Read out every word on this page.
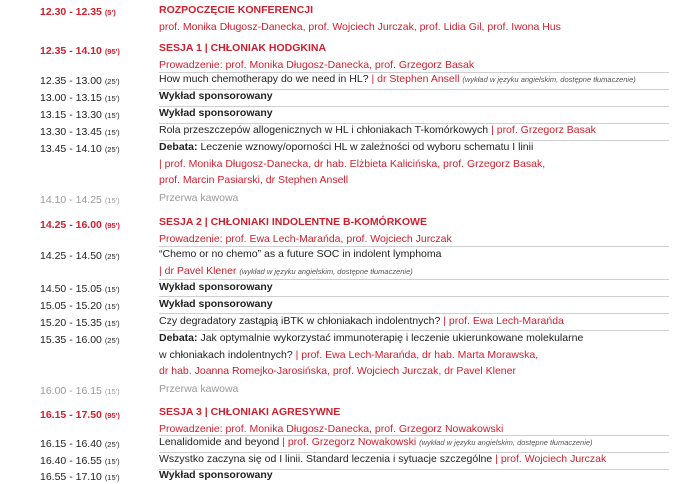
12.30 - 12.35 (5')	ROZPOCZĘCIE KONFERENCJI
prof. Monika Długosz-Danecka, prof. Wojciech Jurczak, prof. Lidia Gil, prof. Iwona Hus
12.35 - 14.10 (95')	SESJA 1 | CHŁONIAK HODGKINA
Prowadzenie: prof. Monika Długosz-Danecka, prof. Grzegorz Basak
12.35 - 13.00 (25')	How much chemotherapy do we need in HL? | dr Stephen Ansell (wykład w języku angielskim, dostępne tłumaczenie)
13.00 - 13.15 (15')	Wykład sponsorowany
13.15 - 13.30 (15')	Wykład sponsorowany
13.30 - 13.45 (15')	Rola przeszczepów allogenicznych w HL i chłoniakach T-komórkowych | prof. Grzegorz Basak
13.45 - 14.10 (25')	Debata: Leczenie wznowy/oporności HL w zależności od wyboru schematu I linii
| prof. Monika Długosz-Danecka, dr hab. Elżbieta Kalicińska, prof. Grzegorz Basak,
prof. Marcin Pasiarski, dr Stephen Ansell
14.10 - 14.25 (15')	Przerwa kawowa
14.25 - 16.00 (95')	SESJA 2 | CHŁONIAKI INDOLENTNE B-KOMÓRKOWE
Prowadzenie: prof. Ewa Lech-Marańda, prof. Wojciech Jurczak
14.25 - 14.50 (25')	“Chemo or no chemo” as a future SOC in indolent lymphoma
| dr Pavel Klener (wykład w języku angielskim, dostępne tłumaczenie)
14.50 - 15.05 (15')	Wykład sponsorowany
15.05 - 15.20 (15')	Wykład sponsorowany
15.20 - 15.35 (15')	Czy degradatory zastąpią iBTK w chłoniakach indolentnych? | prof. Ewa Lech-Marańda
15.35 - 16.00 (25')	Debata: Jak optymalnie wykorzystać immunoterapię i leczenie ukierunkowane molekularne
w chłoniakach indolentnych? | prof. Ewa Lech-Marańda, dr hab. Marta Morawska,
dr hab. Joanna Romejko-Jarosińska, prof. Wojciech Jurczak, dr Pavel Klener
16.00 - 16.15 (15')	Przerwa kawowa
16.15 - 17.50 (95')	SESJA 3 | CHŁONIAKI AGRESYWNE
Prowadzenie: prof. Monika Długosz-Danecka, prof. Grzegorz Nowakowski
16.15 - 16.40 (25')	Lenalidomide and beyond | prof. Grzegorz Nowakowski (wykład w języku angielskim, dostępne tłumaczenie)
16.40 - 16.55 (15')	Wszystko zaczyna się od I linii. Standard leczenia i sytuacje szczególne | prof. Wojciech Jurczak
16.55 - 17.10 (15')	Wykład sponsorowany
